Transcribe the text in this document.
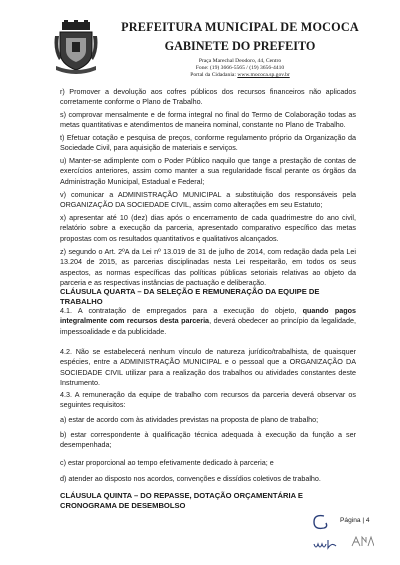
PREFEITURA MUNICIPAL DE MOCOCA
GABINETE DO PREFEITO
Praça Marechal Deodoro, 44, Centro
Fone: (19) 3666-5565 / (19) 3656-4410
Portal da Cidadania: www.mococa.sp.gov.br
r) Promover a devolução aos cofres públicos dos recursos financeiros não aplicados corretamente conforme o Plano de Trabalho.
s) comprovar mensalmente e de forma integral no final do Termo de Colaboração todas as metas quantitativas e atendimentos de maneira nominal, constante no Plano de Trabalho.
t) Efetuar cotação e pesquisa de preços, conforme regulamento próprio da Organização da Sociedade Civil, para aquisição de materiais e serviços.
u) Manter-se adimplente com o Poder Público naquilo que tange a prestação de contas de exercícios anteriores, assim como manter a sua regularidade fiscal perante os órgãos da Administração Municipal, Estadual e Federal;
v) comunicar a ADMINISTRAÇÃO MUNICIPAL a substituição dos responsáveis pela ORGANIZAÇÃO DA SOCIEDADE CIVIL, assim como alterações em seu Estatuto;
x) apresentar até 10 (dez) dias após o encerramento de cada quadrimestre do ano civil, relatório sobre a execução da parceria, apresentado comparativo específico das metas propostas com os resultados quantitativos e qualitativos alcançados.
z) segundo o Art. 2ºA da Lei nº 13.019 de 31 de julho de 2014, com redação dada pela Lei 13.204 de 2015, as parcerias disciplinadas nesta Lei respeitarão, em todos os seus aspectos, as normas específicas das políticas públicas setoriais relativas ao objeto da parceria e as respectivas instâncias de pactuação e deliberação.
CLÁUSULA QUARTA – DA SELEÇÃO E REMUNERAÇÃO DA EQUIPE DE TRABALHO
4.1. A contratação de empregados para a execução do objeto, quando pagos integralmente com recursos desta parceria, deverá obedecer ao princípio da legalidade, impessoalidade e da publicidade.
4.2. Não se estabelecerá nenhum vínculo de natureza jurídico/trabalhista, de quaisquer espécies, entre a ADMINISTRAÇÃO MUNICIPAL e o pessoal que a ORGANIZAÇÃO DA SOCIEDADE CIVIL utilizar para a realização dos trabalhos ou atividades constantes deste Instrumento.
4.3. A remuneração da equipe de trabalho com recursos da parceria deverá observar os seguintes requisitos:
a) estar de acordo com às atividades previstas na proposta de plano de trabalho;
b) estar correspondente à qualificação técnica adequada à execução da função a ser desempenhada;
c) estar proporcional ao tempo efetivamente dedicado à parceria; e
d) atender ao disposto nos acordos, convenções e dissídios coletivos de trabalho.
CLÁUSULA QUINTA – DO REPASSE, DOTAÇÃO ORÇAMENTÁRIA E CRONOGRAMA DE DESEMBOLSO
Página | 4
